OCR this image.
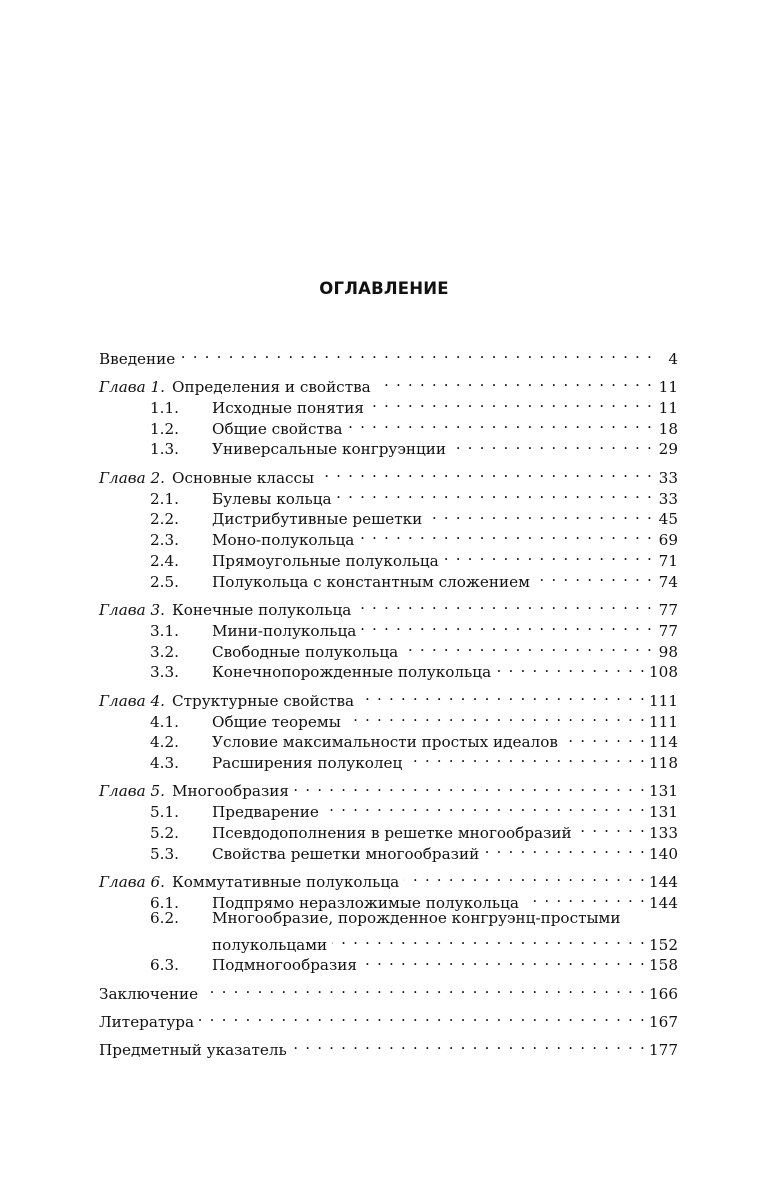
ОГЛАВЛЕНИЕ
Введение . . .	4
Глава 1. Определения и свойства . . .	11
1.1.	Исходные понятия . . .	11
1.2.	Общие свойства . . .	18
1.3.	Универсальные конгруэнции . . .	29
Глава 2. Основные классы . . .	33
2.1.	Булевы кольца . . .	33
2.2.	Дистрибутивные решетки . . .	45
2.3.	Моно-полукольца . . .	69
2.4.	Прямоугольные полукольца . . .	71
2.5.	Полукольца с константным сложением . . .	74
Глава 3. Конечные полукольца . . .	77
3.1.	Мини-полукольца . . .	77
3.2.	Свободные полукольца . . .	98
3.3.	Конечнопорожденные полукольца . . .	108
Глава 4. Структурные свойства . . .	111
4.1.	Общие теоремы . . .	111
4.2.	Условие максимальности простых идеалов . . .	114
4.3.	Расширения полуколец . . .	118
Глава 5. Многообразия . . .	131
5.1.	Предварение . . .	131
5.2.	Псевдодополнения в решетке многообразий . . .	133
5.3.	Свойства решетки многообразий . . .	140
Глава 6. Коммутативные полукольца . . .	144
6.1.	Подпрямо неразложимые полукольца . . .	144
6.2.	Многообразие, порожденное конгруэнц-простыми
полукольцами . . .	152
6.3.	Подмногообразия . . .	158
Заключение . . .	166
Литература . . .	167
Предметный указатель . . .	177
